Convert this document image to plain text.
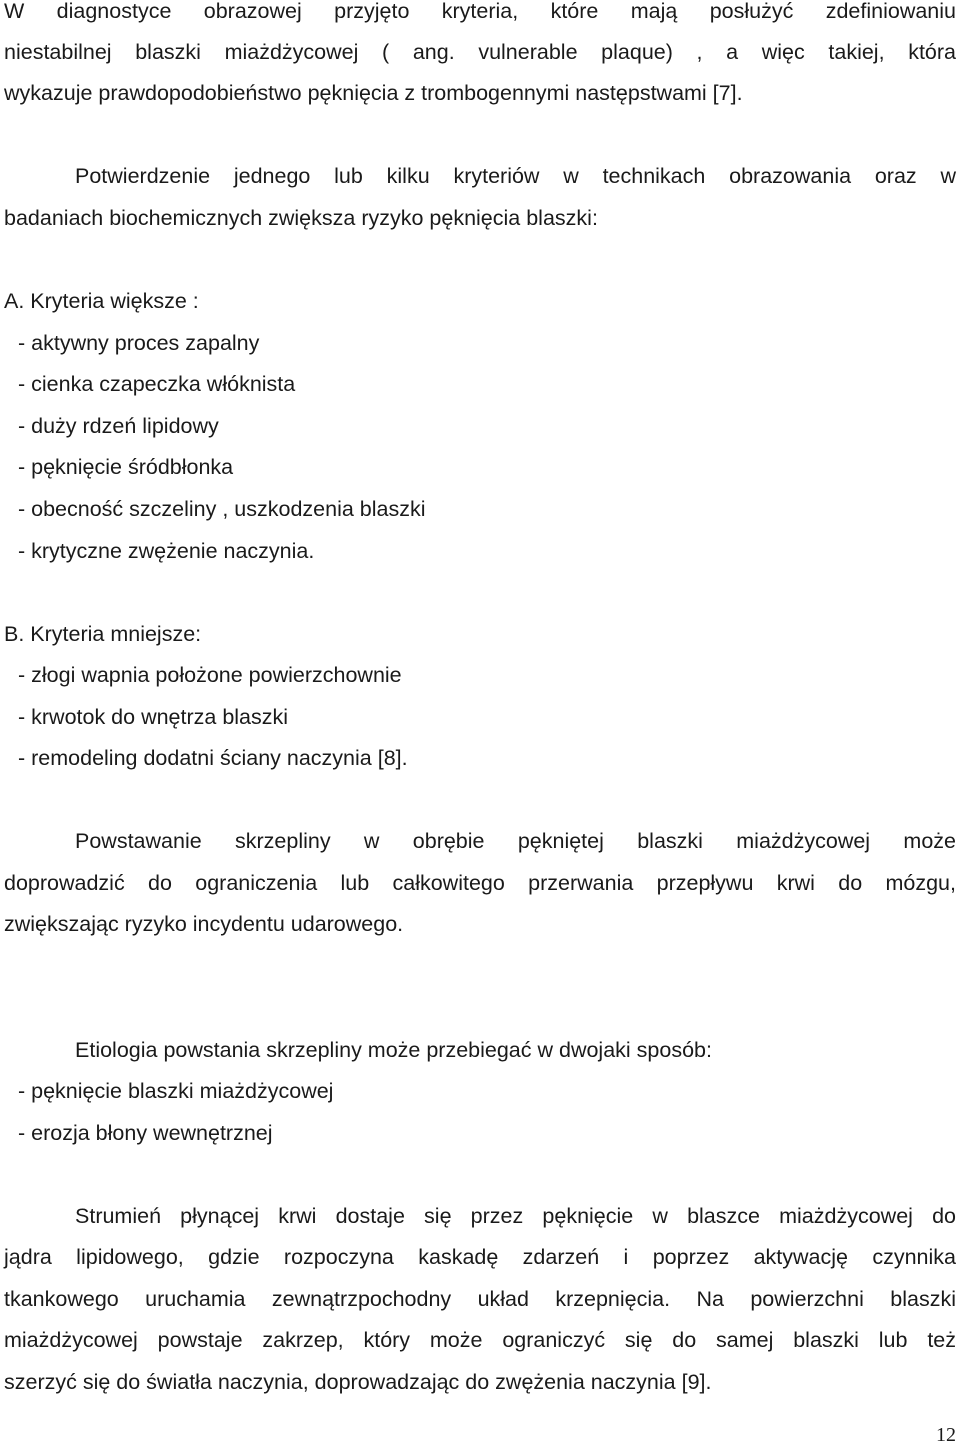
W diagnostyce obrazowej przyjęto kryteria, które mają posłużyć zdefiniowaniu

niestabilnej blaszki miażdżycowej ( ang. vulnerable plaque) , a więc takiej, która

wykazuje prawdopodobieństwo pęknięcia z trombogennymi następstwami [7].

Potwierdzenie jednego lub kilku kryteriów w technikach obrazowania oraz w

badaniach biochemicznych zwiększa ryzyko pęknięcia blaszki:

A. Kryteria większe :

- aktywny proces zapalny

- cienka czapeczka włóknista

- duży rdzeń lipidowy

- pęknięcie śródbłonka

- obecność szczeliny , uszkodzenia blaszki

- krytyczne zwężenie naczynia.

B. Kryteria mniejsze:

- złogi wapnia położone powierzchownie

- krwotok do wnętrza blaszki

- remodeling dodatni ściany naczynia [8].

Powstawanie skrzepliny w obrębie pękniętej blaszki miażdżycowej może

doprowadzić do ograniczenia lub całkowitego przerwania przepływu krwi do mózgu,

zwiększając ryzyko incydentu udarowego.

Etiologia powstania skrzepliny może przebiegać w dwojaki sposób:

- pęknięcie blaszki miażdżycowej

- erozja błony wewnętrznej

Strumień płynącej krwi dostaje się przez pęknięcie w blaszce miażdżycowej do

jądra lipidowego, gdzie rozpoczyna kaskadę zdarzeń i poprzez aktywację czynnika

tkankowego uruchamia zewnątrzpochodny układ krzepnięcia. Na powierzchni blaszki

miażdżycowej powstaje zakrzep, który może ograniczyć się do samej blaszki lub też

szerzyć się do światła naczynia, doprowadzając do zwężenia naczynia [9].

12
